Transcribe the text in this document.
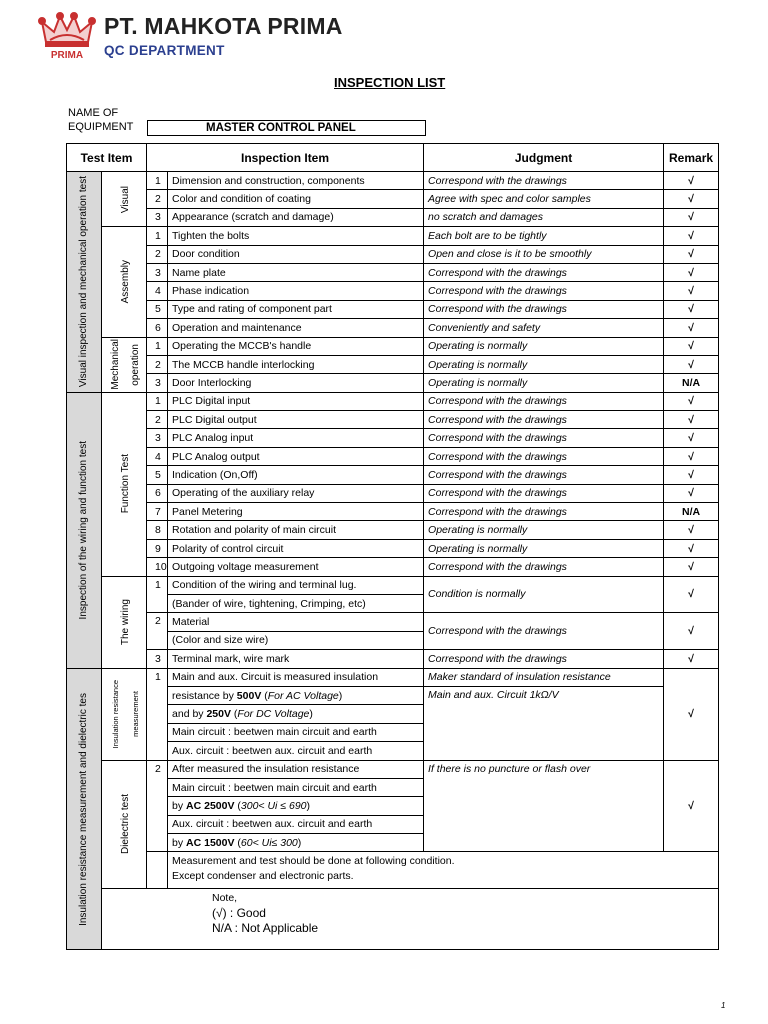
PRIMA
PT. MAHKOTA PRIMA
QC DEPARTMENT
INSPECTION LIST
NAME OF
EQUIPMENT	MASTER CONTROL PANEL
Test Item		Inspection Item		Judgment	Remark

Visual inspection and mechanical operation test	Visual	1	Dimension and construction, components	Correspond with the drawings	√
		2	Color and condition of coating	Agree with spec and color samples	√
		3	Appearance (scratch and damage)	no scratch and damages	√

	Assembly	1	Tighten the bolts	Each bolt are to be tightly	√
		2	Door condition	Open and close is it to be smoothly	√
		3	Name plate	Correspond with the drawings	√
		4	Phase indication	Correspond with the drawings	√
		5	Type and rating of component part	Correspond with the drawings	√
		6	Operation and maintenance	Conveniently and safety	√

	Mechanical operation	1	Operating the MCCB's handle	Operating is normally	√
		2	The MCCB handle interlocking	Operating is normally	√
		3	Door Interlocking	Operating is normally	N/A

Inspection of the wiring and function test	Function Test	1	PLC Digital input	Correspond with the drawings	√
		2	PLC Digital output	Correspond with the drawings	√
		3	PLC Analog input	Correspond with the drawings	√
		4	PLC Analog output	Correspond with the drawings	√
		5	Indication (On,Off)	Correspond with the drawings	√
		6	Operating of the auxiliary relay	Correspond with the drawings	√
		7	Panel Metering	Correspond with the drawings	N/A
		8	Rotation and polarity of main circuit	Operating is normally	√
		9	Polarity of control circuit	Operating is normally	√
		10	Outgoing voltage measurement	Correspond with the drawings	√

	The wiring	1	Condition of the wiring and terminal lug.	Condition is normally	√
			(Bander of wire, tightening, Crimping, etc)		
		2	Material	Correspond with the drawings	√
			(Color and size wire)		
		3	Terminal mark, wire mark	Correspond with the drawings	√

Insulation resistance measurement and dielectric tes	Insulation resistance measurement	1	Main and aux. Circuit is measured insulation	Maker standard of insulation resistance	√
			resistance by 500V (For AC Voltage)	Main and aux. Circuit 1kΩ/V	
			and by 250V (For DC Voltage)		
			Main circuit : beetwen main circuit and earth		
			Aux. circuit : beetwen aux. circuit and earth		

	Dielectric test	2	After measured the insulation resistance	If there is no puncture or flash over	√
			Main circuit : beetwen main circuit and earth		
			by AC 2500V (300< Ui ≤ 690)		
			Aux. circuit : beetwen aux. circuit and earth		
			by AC 1500V (60< Ui≤ 300)		

			Measurement and test should be done at following condition.
Except condenser and electronic parts.		

	Note,
(√) : Good
N/A : Not Applicable				
1
